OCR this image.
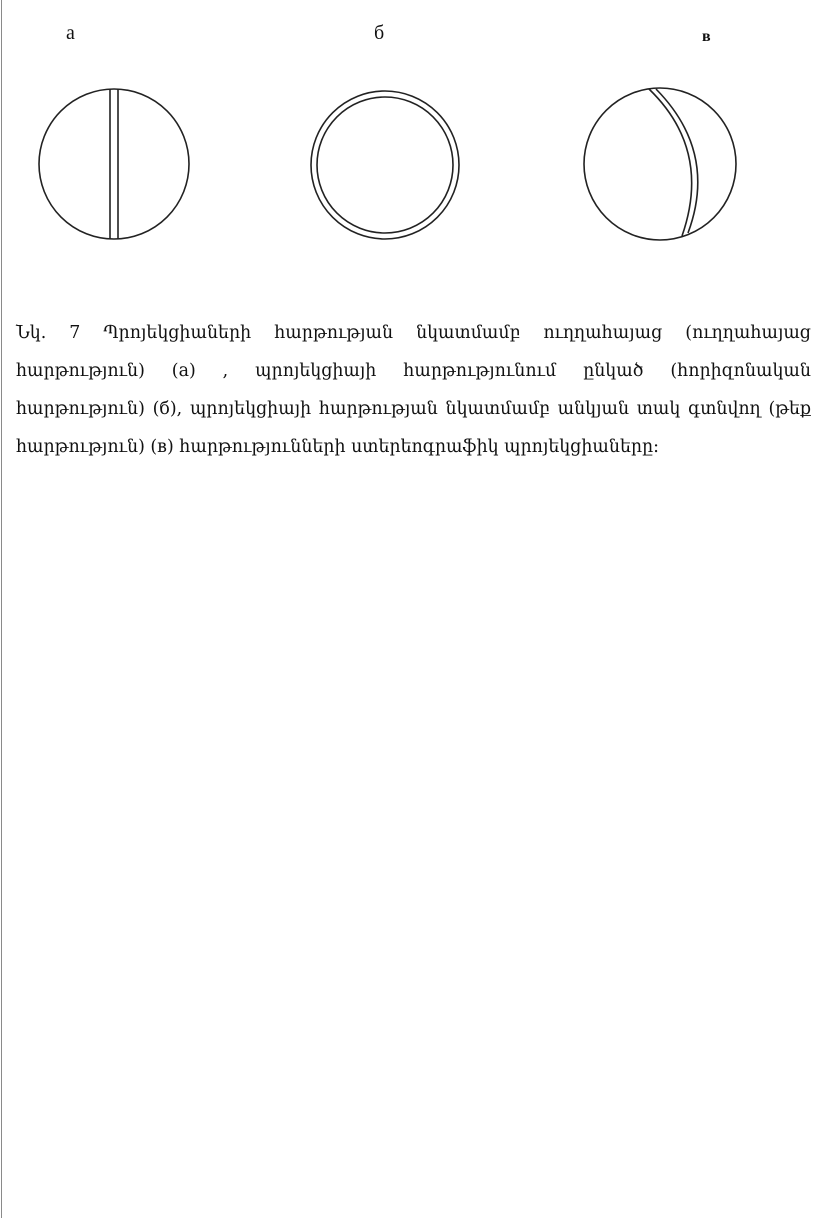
а	б	в
Նկ. 7 Պրոյեկցիաների հարթության նկատմամբ ուղղահայաց (ուղղահայաց հարթություն) (а) , պրոյեկցիայի հարթությունում ընկած (հորիզոնական հարթություն) (б), պրոյեկցիայի հարթության նկատմամբ անկյան տակ գտնվող (թեք հարթություն) (в) հարթությունների ստերեոգրաֆիկ պրոյեկցիաները:
